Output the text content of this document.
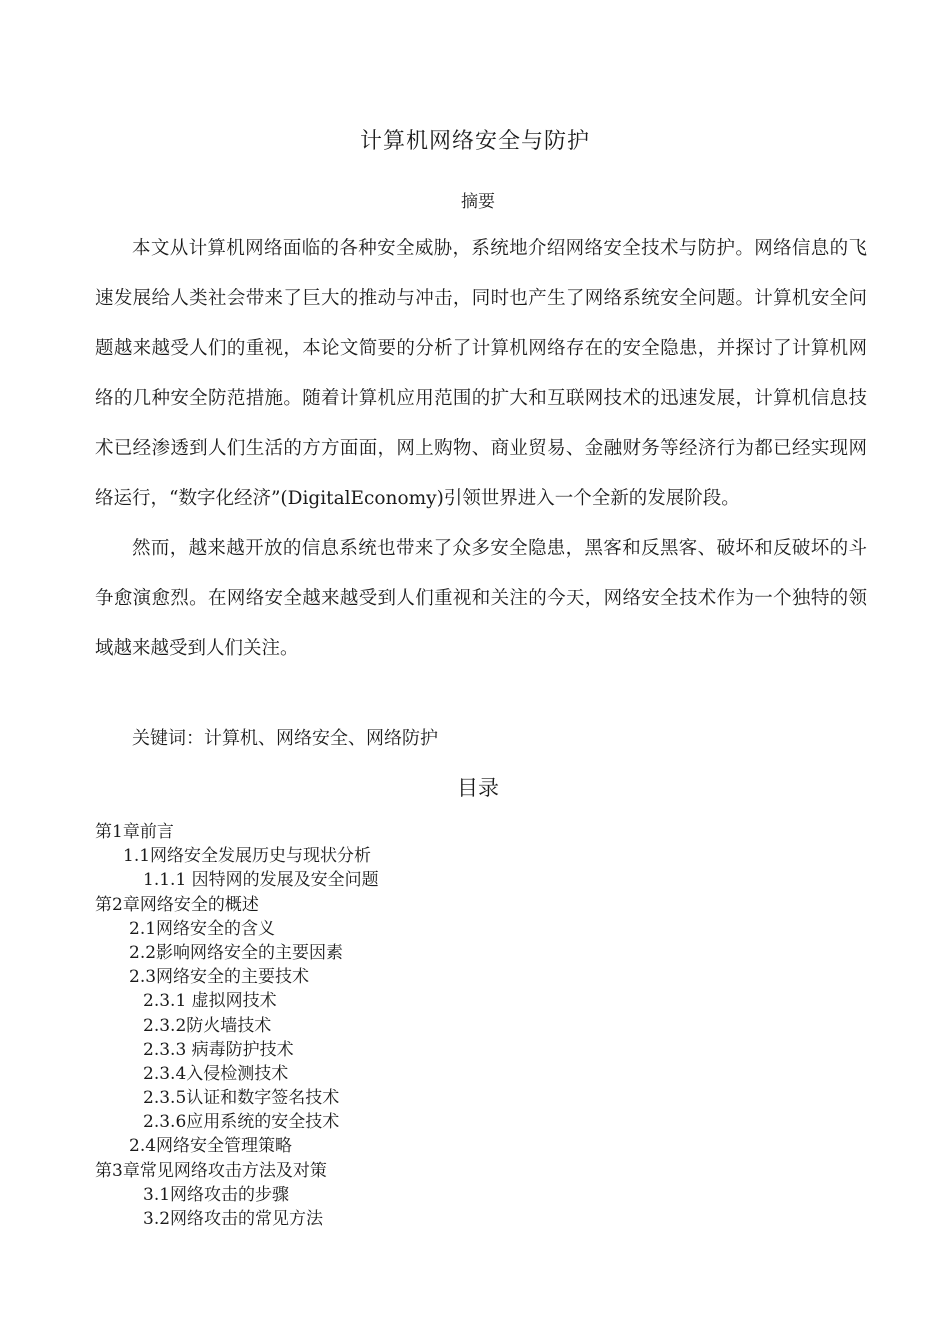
计算机网络安全与防护
摘要

本文从计算机网络面临的各种安全威胁，系统地介绍网络安全技术与防护。网络信息的飞速发展给人类社会带来了巨大的推动与冲击，同时也产生了网络系统安全问题。计算机安全问题越来越受人们的重视，本论文简要的分析了计算机网络存在的安全隐患，并探讨了计算机网络的几种安全防范措施。随着计算机应用范围的扩大和互联网技术的迅速发展，计算机信息技术已经渗透到人们生活的方方面面，网上购物、商业贸易、金融财务等经济行为都已经实现网络运行，“数字化经济”(DigitalEconomy)引领世界进入一个全新的发展阶段。

然而，越来越开放的信息系统也带来了众多安全隐患，黑客和反黑客、破坏和反破坏的斗争愈演愈烈。在网络安全越来越受到人们重视和关注的今天，网络安全技术作为一个独特的领域越来越受到人们关注。

关键词：计算机、网络安全、网络防护
目录
第1章前言
1.1网络安全发展历史与现状分析
1.1.1 因特网的发展及安全问题
第2章网络安全的概述
2.1网络安全的含义
2.2影响网络安全的主要因素
2.3网络安全的主要技术
2.3.1 虚拟网技术
2.3.2防火墙技术
2.3.3 病毒防护技术
2.3.4入侵检测技术
2.3.5认证和数字签名技术
2.3.6应用系统的安全技术
2.4网络安全管理策略
第3章常见网络攻击方法及对策
3.1网络攻击的步骤
3.2网络攻击的常见方法
